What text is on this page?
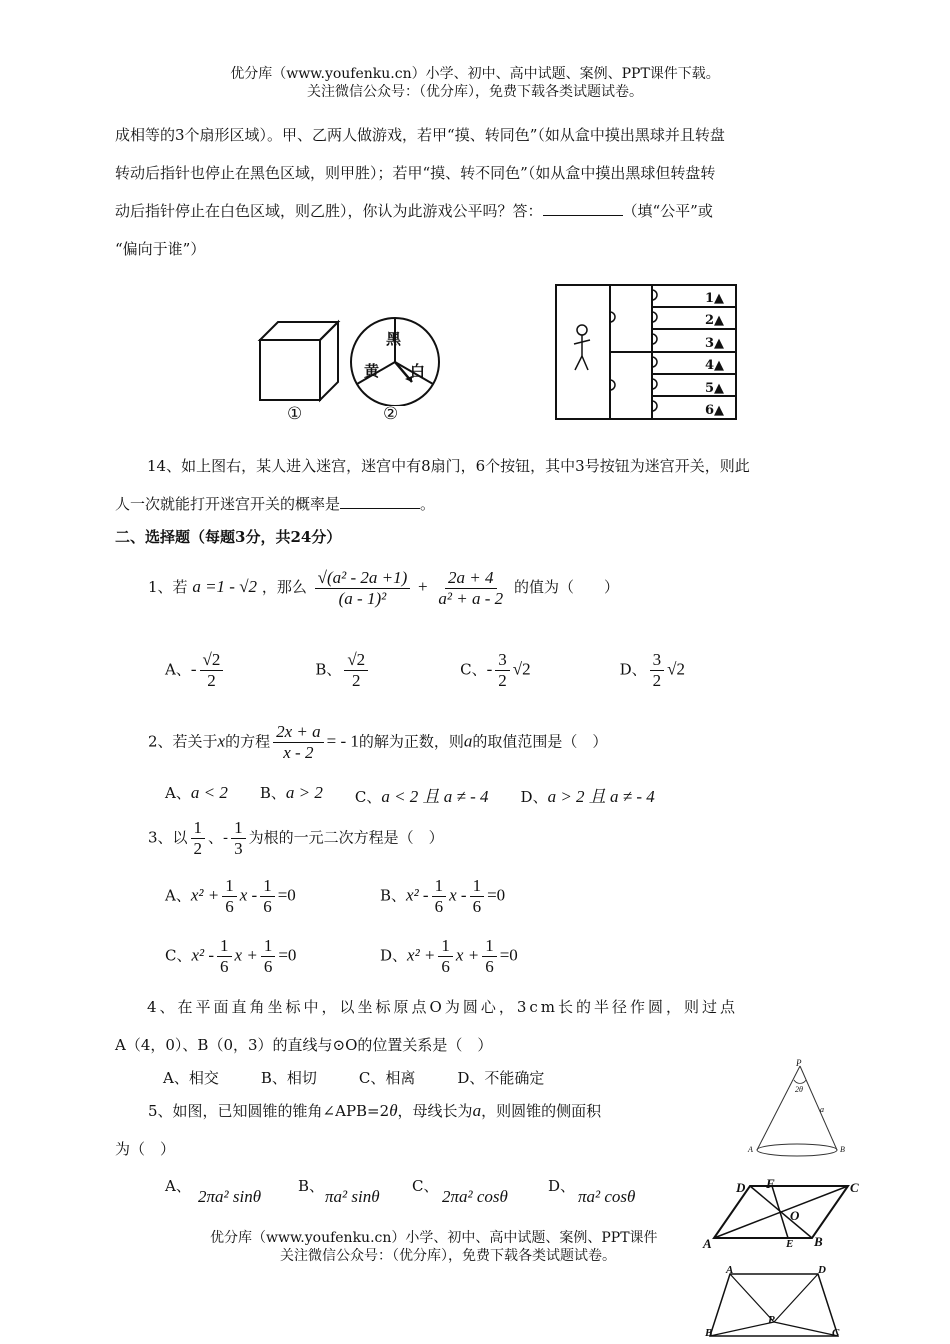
优分库（www.youfenku.cn）小学、初中、高中试题、案例、PPT课件下载。
关注微信公众号：（优分库），免费下载各类试题试卷。
成相等的3个扇形区域）。甲、乙两人做游戏，若甲“摸、转同色”（如从盒中摸出黑球并且转盘
转动后指针也停止在黑色区域，则甲胜）；若甲“摸、转不同色”（如从盒中摸出黑球但转盘转
动后指针停止在白色区域，则乙胜），你认为此游戏公平吗？答：	（填“公平”或
“偏向于谁”）
①
黑
黄 白
②
1▲
2▲
3▲
4▲
5▲
6▲
14、如上图右，某人进入迷宫，迷宫中有8扇门，6个按钮，其中3号按钮为迷宫开关，则此
人一次就能打开迷宫开关的概率是	。
二、选择题（每题3分，共24分）
1、若 a =1 - √2 ，那么 $\frac{\text{√(a² - 2a +1)}}{\text{(a - 1)²}} + \frac{2a + 4}{\text{a² + a - 2}}$ 的值为（　　）
A、- $\frac{√2}{2}$	B、 $\frac{√2}{2}$	C、- $\frac{3}{2} √2$	D、 $\frac{3}{2} √2$
2、若关于x的方程 $\frac{2x + a}{x - 2}$ = - 1的解为正数，则a的取值范围是（　）
A、a < 2 B、a > 2 C、a < 2 且 a ≠ - 4 D、a > 2 且 a ≠ - 4
3、以 $\frac{1}{2}$ 、- $\frac{1}{3}$ 为根的一元二次方程是（　）
A、$x^2 + \frac{1}{6}$ $x - \frac{1}{6} =0$	B、$x^2 - \frac{1}{6}$ $x - \frac{1}{6} =0$
C、$x^2 - \frac{1}{6}$ $x + \frac{1}{6} =0$	D、$x^2 + \frac{1}{6}$ $x + \frac{1}{6} =0$
4、在平面直角坐标中，以坐标原点O为圆心，3cm长的半径作圆，则过点
A（4，0）、B（0，3）的直线与⊙O的位置关系是（　）
A、相交	B、相切	C、相离	D、不能确定
5、如图，已知圆锥的锥角∠APB=2θ，母线长为a，则圆锥的侧面积
为（　）
A、
2πa² sinθ
B、
πa² sinθ
C、
2πa² cosθ
D、
πa² cosθ
P
2θ
a
A	B
D F	C
O
A	E B
A	D
P
B	C
优分库（www.youfenku.cn）小学、初中、高中试题、案例、PPT课件
关注微信公众号：（优分库），免费下载各类试题试卷。
